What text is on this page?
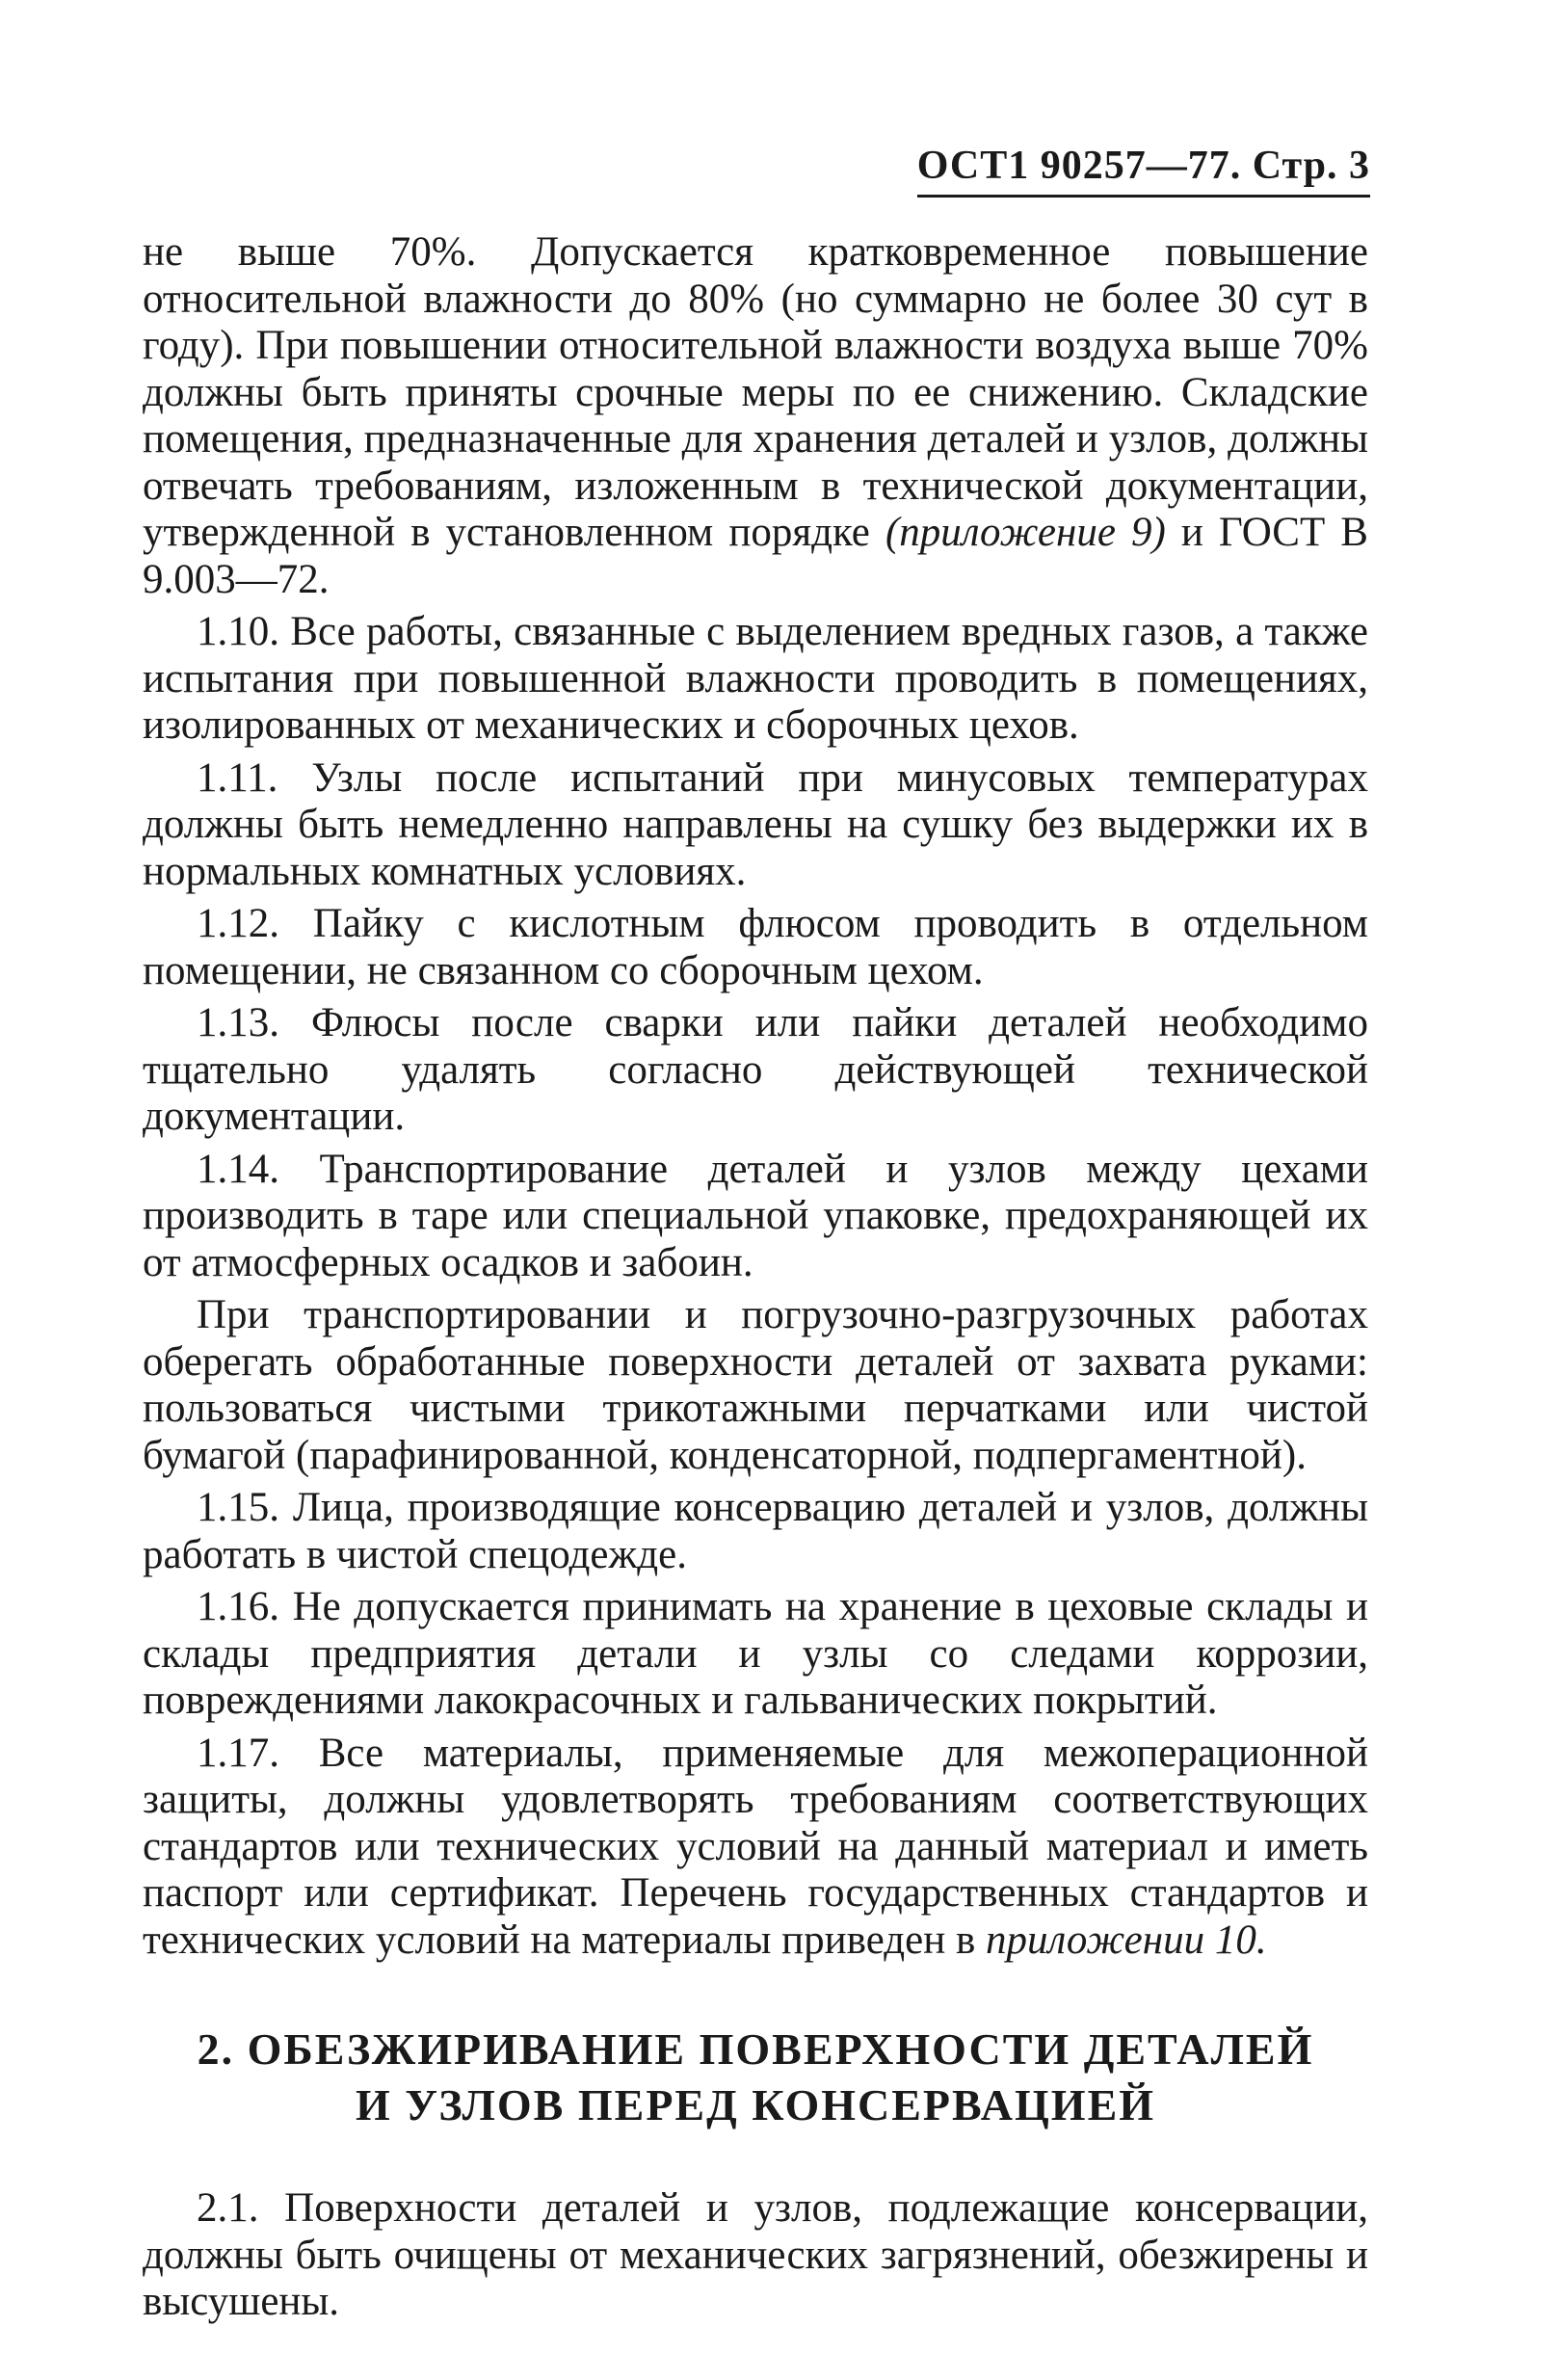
ОСТ1 90257—77. Стр. 3

не выше 70%. Допускается кратковременное повышение относительной влажности до 80% (но суммарно не более 30 сут в году). При повышении относительной влажности воздуха выше 70% должны быть приняты срочные меры по ее снижению. Складские помещения, предназначенные для хранения деталей и узлов, должны отвечать требованиям, изложенным в технической документации, утвержденной в установленном порядке (приложение 9) и ГОСТ В 9.003—72.

1.10. Все работы, связанные с выделением вредных газов, а также испытания при повышенной влажности проводить в помещениях, изолированных от механических и сборочных цехов.

1.11. Узлы после испытаний при минусовых температурах должны быть немедленно направлены на сушку без выдержки их в нормальных комнатных условиях.

1.12. Пайку с кислотным флюсом проводить в отдельном помещении, не связанном со сборочным цехом.

1.13. Флюсы после сварки или пайки деталей необходимо тщательно удалять согласно действующей технической документации.

1.14. Транспортирование деталей и узлов между цехами производить в таре или специальной упаковке, предохраняющей их от атмосферных осадков и забоин.

При транспортировании и погрузочно-разгрузочных работах оберегать обработанные поверхности деталей от захвата руками: пользоваться чистыми трикотажными перчатками или чистой бумагой (парафинированной, конденсаторной, подпергаментной).

1.15. Лица, производящие консервацию деталей и узлов, должны работать в чистой спецодежде.

1.16. Не допускается принимать на хранение в цеховые склады и склады предприятия детали и узлы со следами коррозии, повреждениями лакокрасочных и гальванических покрытий.

1.17. Все материалы, применяемые для межоперационной защиты, должны удовлетворять требованиям соответствующих стандартов или технических условий на данный материал и иметь паспорт или сертификат. Перечень государственных стандартов и технических условий на материалы приведен в приложении 10.

2. ОБЕЗЖИРИВАНИЕ ПОВЕРХНОСТИ ДЕТАЛЕЙ
И УЗЛОВ ПЕРЕД КОНСЕРВАЦИЕЙ

2.1. Поверхности деталей и узлов, подлежащие консервации, должны быть очищены от механических загрязнений, обезжирены и высушены.
